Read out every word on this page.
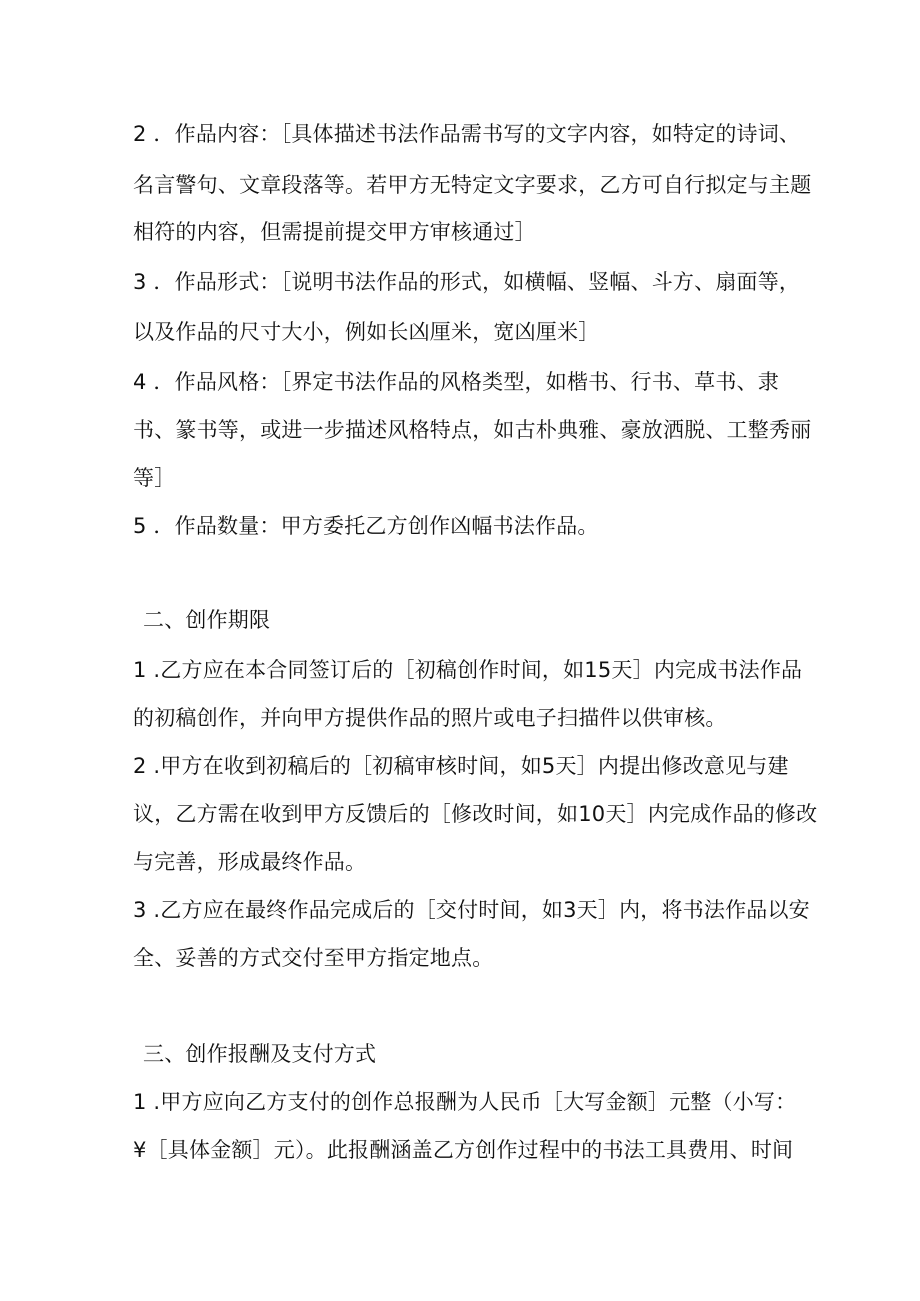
2 ．作品内容：［具体描述书法作品需书写的文字内容，如特定的诗词、
名言警句、文章段落等。若甲方无特定文字要求，乙方可自行拟定与主题
相符的内容，但需提前提交甲方审核通过］
3 ．作品形式：［说明书法作品的形式，如横幅、竖幅、斗方、扇面等，
以及作品的尺寸大小，例如长凶厘米，宽凶厘米］
4 ．作品风格：［界定书法作品的风格类型，如楷书、行书、草书、隶
书、篆书等，或进一步描述风格特点，如古朴典雅、豪放洒脱、工整秀丽
等］
5 ．作品数量：甲方委托乙方创作凶幅书法作品。
二、创作期限
1 .乙方应在本合同签订后的［初稿创作时间，如15天］内完成书法作品
的初稿创作，并向甲方提供作品的照片或电子扫描件以供审核。
2 .甲方在收到初稿后的［初稿审核时间，如5天］内提出修改意见与建
议，乙方需在收到甲方反馈后的［修改时间，如10天］内完成作品的修改
与完善，形成最终作品。
3 .乙方应在最终作品完成后的［交付时间，如3天］内，将书法作品以安
全、妥善的方式交付至甲方指定地点。
三、创作报酬及支付方式
1 .甲方应向乙方支付的创作总报酬为人民币［大写金额］元整（小写：
¥［具体金额］元）。此报酬涵盖乙方创作过程中的书法工具费用、时间
